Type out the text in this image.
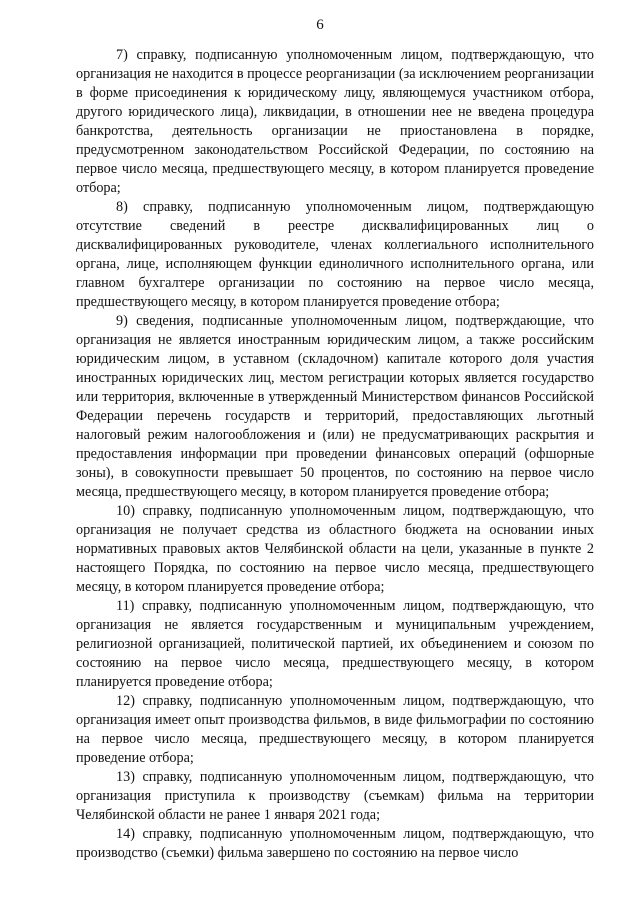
6

7) справку, подписанную уполномоченным лицом, подтверждающую, что организация не находится в процессе реорганизации (за исключением реорганизации в форме присоединения к юридическому лицу, являющемуся участником отбора, другого юридического лица), ликвидации, в отношении нее не введена процедура банкротства, деятельность организации не приостановлена в порядке, предусмотренном законодательством Российской Федерации, по состоянию на первое число месяца, предшествующего месяцу, в котором планируется проведение отбора;

8) справку, подписанную уполномоченным лицом, подтверждающую отсутствие сведений в реестре дисквалифицированных лиц о дисквалифицированных руководителе, членах коллегиального исполнительного органа, лице, исполняющем функции единоличного исполнительного органа, или главном бухгалтере организации по состоянию на первое число месяца, предшествующего месяцу, в котором планируется проведение отбора;

9) сведения, подписанные уполномоченным лицом, подтверждающие, что организация не является иностранным юридическим лицом, а также российским юридическим лицом, в уставном (складочном) капитале которого доля участия иностранных юридических лиц, местом регистрации которых является государство или территория, включенные в утвержденный Министерством финансов Российской Федерации перечень государств и территорий, предоставляющих льготный налоговый режим налогообложения и (или) не предусматривающих раскрытия и предоставления информации при проведении финансовых операций (офшорные зоны), в совокупности превышает 50 процентов, по состоянию на первое число месяца, предшествующего месяцу, в котором планируется проведение отбора;

10) справку, подписанную уполномоченным лицом, подтверждающую, что организация не получает средства из областного бюджета на основании иных нормативных правовых актов Челябинской области на цели, указанные в пункте 2 настоящего Порядка, по состоянию на первое число месяца, предшествующего месяцу, в котором планируется проведение отбора;

11) справку, подписанную уполномоченным лицом, подтверждающую, что организация не является государственным и муниципальным учреждением, религиозной организацией, политической партией, их объединением и союзом по состоянию на первое число месяца, предшествующего месяцу, в котором планируется проведение отбора;

12) справку, подписанную уполномоченным лицом, подтверждающую, что организация имеет опыт производства фильмов, в виде фильмографии по состоянию на первое число месяца, предшествующего месяцу, в котором планируется проведение отбора;

13) справку, подписанную уполномоченным лицом, подтверждающую, что организация приступила к производству (съемкам) фильма на территории Челябинской области не ранее 1 января 2021 года;

14) справку, подписанную уполномоченным лицом, подтверждающую, что производство (съемки) фильма завершено по состоянию на первое число
